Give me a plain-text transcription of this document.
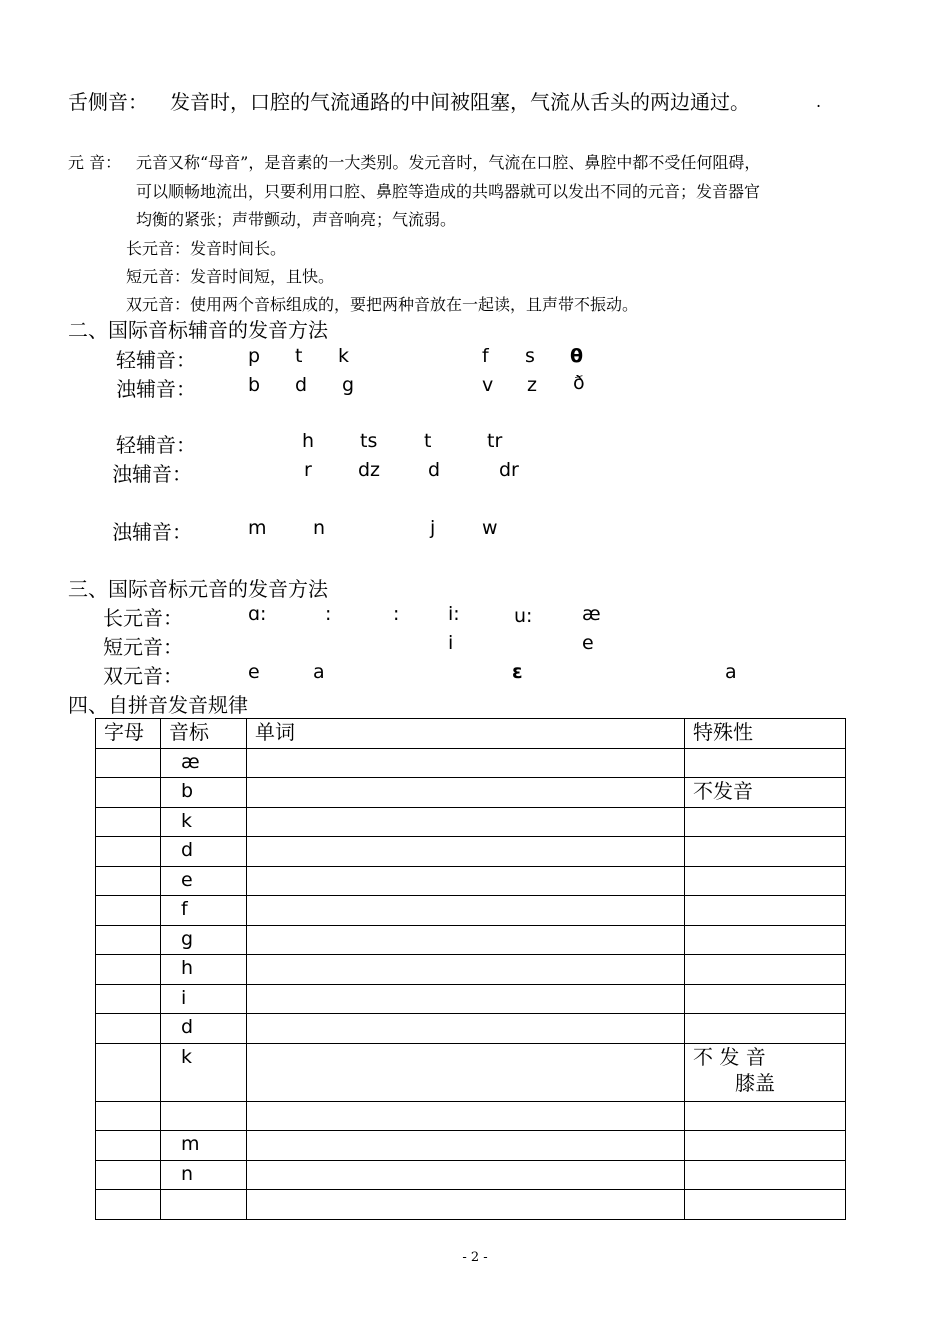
舌侧音： 发音时，口腔的气流通路的中间被阻塞，气流从舌头的两边通过。	.
元 音： 元音又称“母音”，是音素的一大类别。发元音时，气流在口腔、鼻腔中都不受任何阻碍，
可以顺畅地流出，只要利用口腔、鼻腔等造成的共鸣器就可以发出不同的元音；发音器官
均衡的紧张；声带颤动，声音响亮；气流弱。
长元音：发音时间长。
短元音：发音时间短，且快。
双元音：使用两个音标组成的，要把两种音放在一起读，且声带不振动。
二、国际音标辅音的发音方法
轻辅音：	p t k	f s θ
浊辅音：	b d g	v z ð
轻辅音：	h ts t	tr
浊辅音：	r dz	d	dr
浊辅音：	m n	j w
三、国际音标元音的发音方法
长元音：	ɑ:	:	:	i:	u:	æ
短元音：	i	e
双元音：	e	a	ɛ	a
四、自拼音发音规律
字母	音标	单词	特殊性
	æ		
	b		不发音
	k		
	d		
	e		
	f		
	g		
	h		
	i		
	d		
	k		不 发 音
膝盖

	m		
	n		

- 2 -
